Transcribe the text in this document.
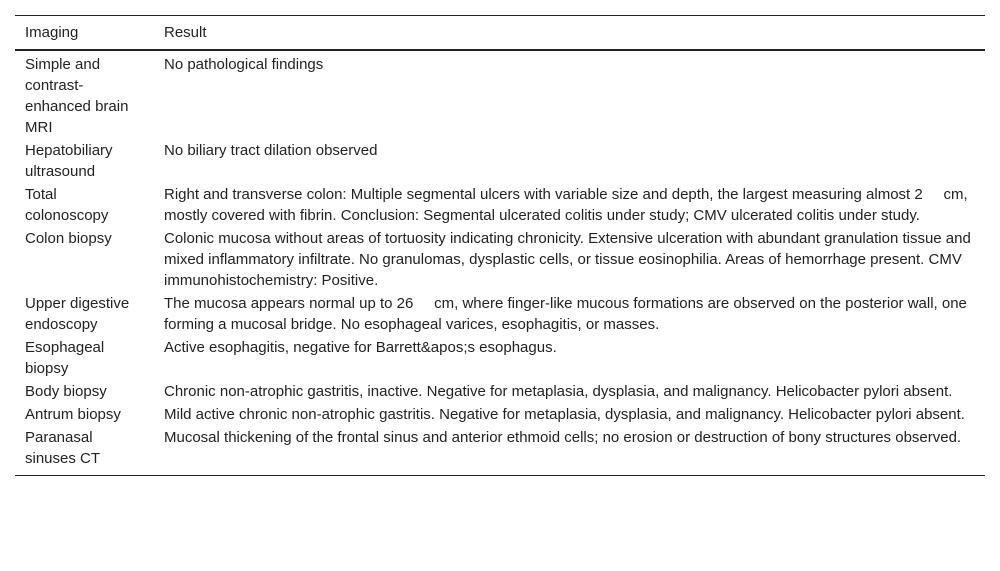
Imaging	Result
Simple and contrast-enhanced brain MRI	No pathological findings
Hepatobiliary ultrasound	No biliary tract dilation observed
Total colonoscopy	Right and transverse colon: Multiple segmental ulcers with variable size and depth, the largest measuring almost 2     cm, mostly covered with fibrin. Conclusion: Segmental ulcerated colitis under study; CMV ulcerated colitis under study.
Colon biopsy	Colonic mucosa without areas of tortuosity indicating chronicity. Extensive ulceration with abundant granulation tissue and mixed inflammatory infiltrate. No granulomas, dysplastic cells, or tissue eosinophilia. Areas of hemorrhage present. CMV immunohistochemistry: Positive.
Upper digestive endoscopy	The mucosa appears normal up to 26     cm, where finger-like mucous formations are observed on the posterior wall, one forming a mucosal bridge. No esophageal varices, esophagitis, or masses.
Esophageal biopsy	Active esophagitis, negative for Barrett&apos;s esophagus.
Body biopsy	Chronic non-atrophic gastritis, inactive. Negative for metaplasia, dysplasia, and malignancy. Helicobacter pylori absent.
Antrum biopsy	Mild active chronic non-atrophic gastritis. Negative for metaplasia, dysplasia, and malignancy. Helicobacter pylori absent.
Paranasal sinuses CT	Mucosal thickening of the frontal sinus and anterior ethmoid cells; no erosion or destruction of bony structures observed.
